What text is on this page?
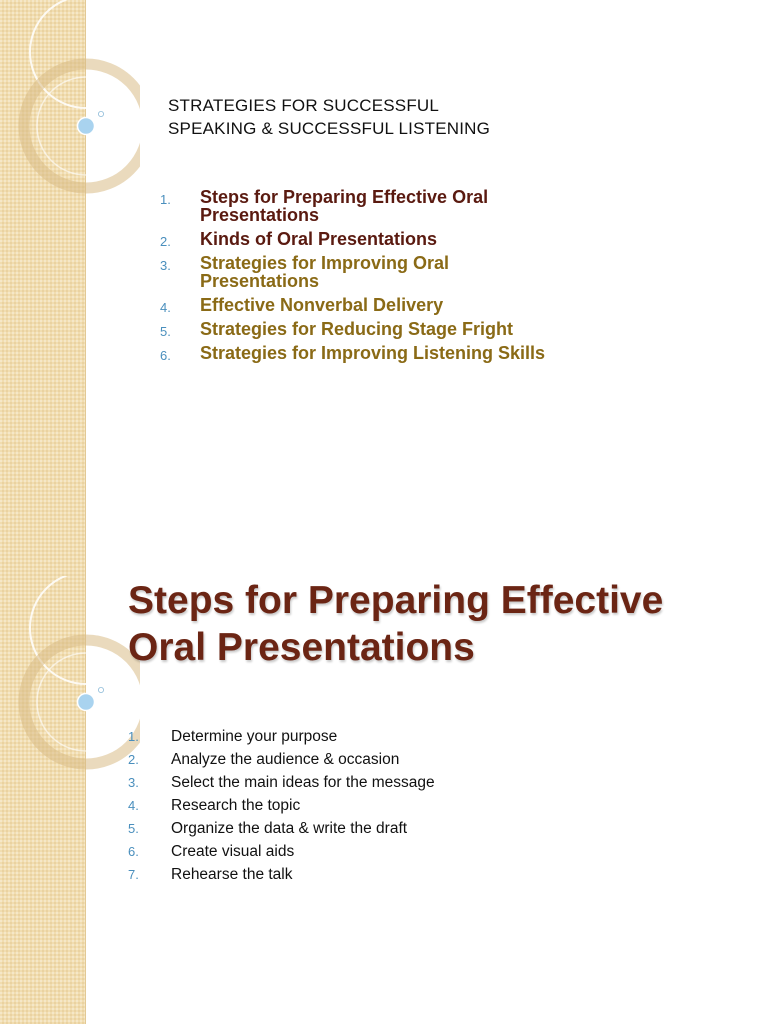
STRATEGIES FOR SUCCESSFUL
SPEAKING & SUCCESSFUL LISTENING
1. Steps for Preparing Effective Oral
Presentations
2. Kinds of Oral Presentations
3. Strategies for Improving Oral
Presentations
4. Effective Nonverbal Delivery
5. Strategies for Reducing Stage Fright
6. Strategies for Improving Listening Skills
Steps for Preparing Effective
Oral Presentations
1. Determine your purpose
2. Analyze the audience & occasion
3. Select the main ideas for the message
4. Research the topic
5. Organize the data & write the draft
6. Create visual aids
7. Rehearse the talk
